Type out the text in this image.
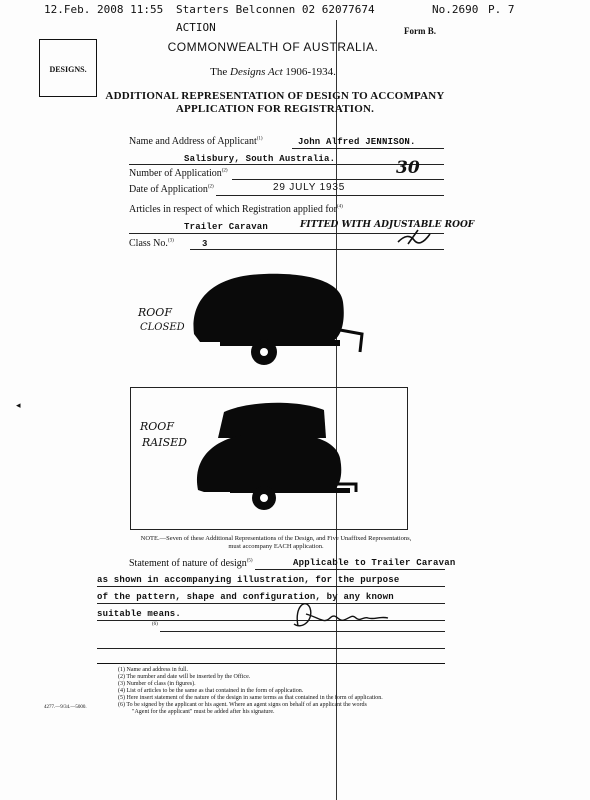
12.Feb. 2008 11:55 Starters Belconnen 02 62077674	No.2690 P. 7
ACTION
◂
Form B.
DESIGNS.
COMMONWEALTH OF AUSTRALIA.
The Designs Act 1906-1934.
ADDITIONAL REPRESENTATION OF DESIGN TO ACCOMPANY
APPLICATION FOR REGISTRATION.
Name and Address of Applicant$^{(1)}$	John Alfred JENNISON.
Salisbury, South Australia.
Number of Application$^{(2)}$	30
Date of Application$^{(2)}$	29 JULY 1935
Articles in respect of which Registration applied for$^{(4)}$
Trailer Caravan	FITTED WITH ADJUSTABLE ROOF
Class No.$^{(3)}$	3
ROOF
CLOSED
ROOF
RAISED
NOTE.—Seven of these Additional Representations of the Design, and Five Unaffixed Representations,
must accompany EACH application.
Statement of nature of design$^{(5)}$	Applicable to Trailer Caravan
as shown in accompanying illustration, for the purpose
of the pattern, shape and configuration, by any known
suitable means.
(6)
(1) Name and address in full.
(2) The number and date will be inserted by the Office.
(3) Number of class (in figures).
(4) List of articles to be the same as that contained in the form of application.
(5) Here insert statement of the nature of the design in same terms as that contained in the form of application.
(6) To be signed by the applicant or his agent. Where an agent signs on behalf of an applicant the words
"Agent for the applicant" must be added after his signature.
4277.—9/34.—5000.
